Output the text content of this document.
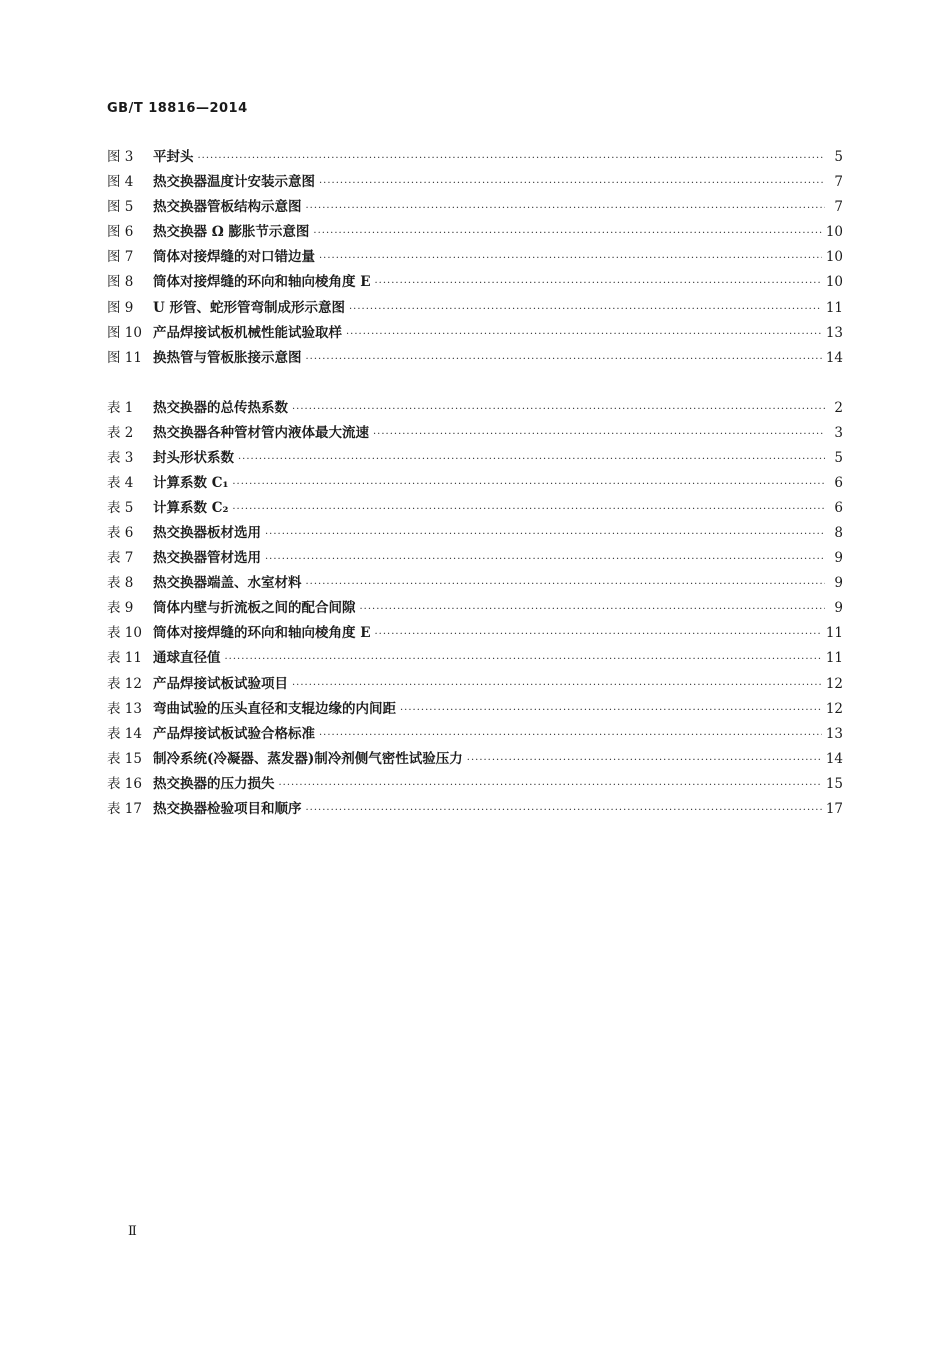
GB/T 18816—2014
图 3	平封头 ·····	5
图 4	热交换器温度计安装示意图 ·····	7
图 5	热交换器管板结构示意图 ·····	7
图 6	热交换器 Ω 膨胀节示意图 ·····	10
图 7	筒体对接焊缝的对口错边量 ·····	10
图 8	筒体对接焊缝的环向和轴向棱角度 E ·····	10
图 9	U 形管、蛇形管弯制成形示意图 ·····	11
图 10 产品焊接试板机械性能试验取样 ·····	13
图 11 换热管与管板胀接示意图 ·····	14
表 1	热交换器的总传热系数 ·····	2
表 2	热交换器各种管材管内液体最大流速 ·····	3
表 3	封头形状系数 ·····	5
表 4	计算系数 C₁ ·····	6
表 5	计算系数 C₂ ·····	6
表 6	热交换器板材选用 ·····	8
表 7	热交换器管材选用 ·····	9
表 8	热交换器端盖、水室材料 ·····	9
表 9	筒体内壁与折流板之间的配合间隙 ·····	9
表 10 筒体对接焊缝的环向和轴向棱角度 E ·····	11
表 11 通球直径值 ·····	11
表 12 产品焊接试板试验项目 ·····	12
表 13 弯曲试验的压头直径和支辊边缘的内间距 ·····	12
表 14 产品焊接试板试验合格标准 ·····	13
表 15 制冷系统(冷凝器、蒸发器)制冷剂侧气密性试验压力 ·····	14
表 16 热交换器的压力损失 ·····	15
表 17 热交换器检验项目和顺序 ·····	17
Ⅱ
